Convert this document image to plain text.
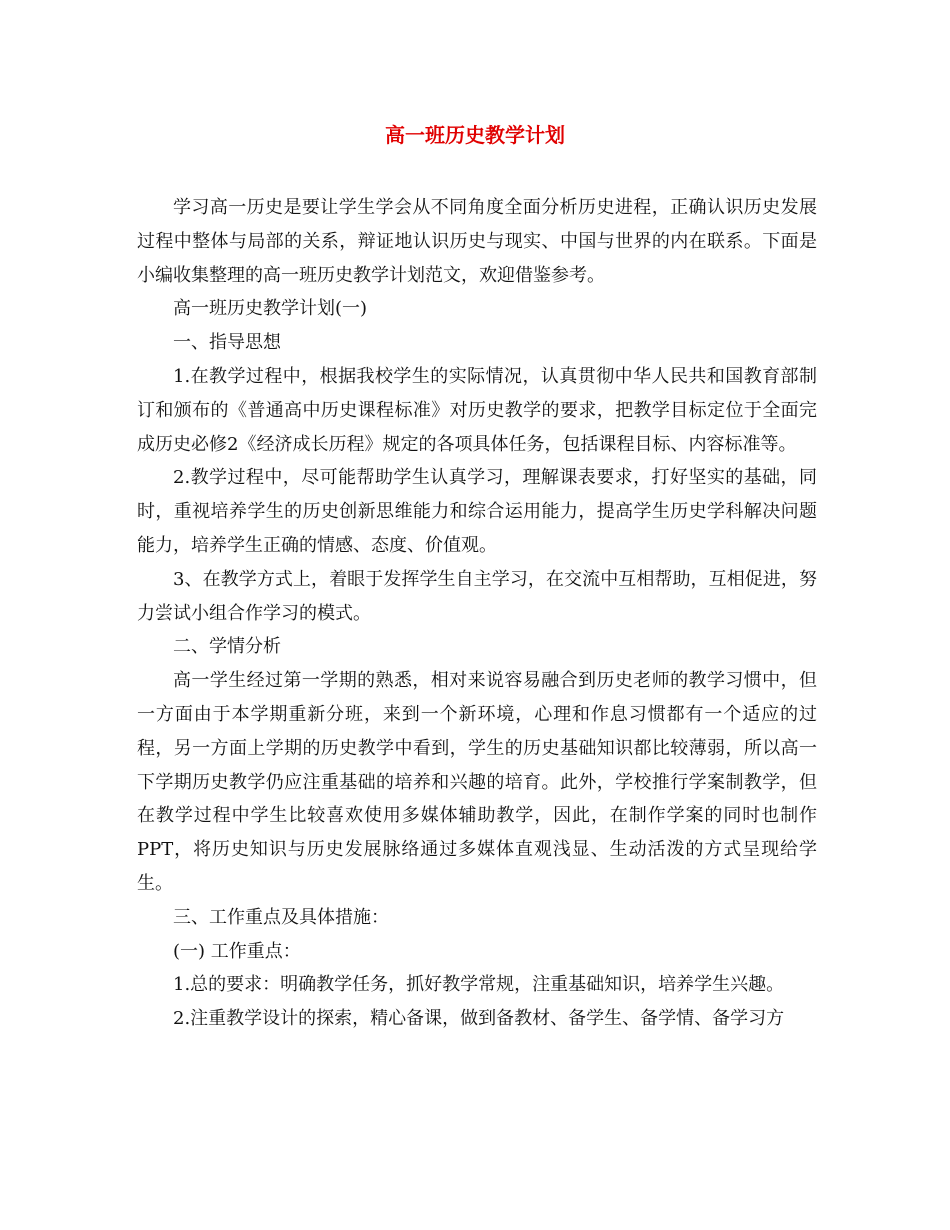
高一班历史教学计划

学习高一历史是要让学生学会从不同角度全面分析历史进程，正确认识历史发展过程中整体与局部的关系，辩证地认识历史与现实、中国与世界的内在联系。下面是小编收集整理的高一班历史教学计划范文，欢迎借鉴参考。

高一班历史教学计划(一)

一、指导思想

1.在教学过程中，根据我校学生的实际情况，认真贯彻中华人民共和国教育部制订和颁布的《普通高中历史课程标准》对历史教学的要求，把教学目标定位于全面完成历史必修2《经济成长历程》规定的各项具体任务，包括课程目标、内容标准等。

2.教学过程中，尽可能帮助学生认真学习，理解课表要求，打好坚实的基础，同时，重视培养学生的历史创新思维能力和综合运用能力，提高学生历史学科解决问题能力，培养学生正确的情感、态度、价值观。

3、在教学方式上，着眼于发挥学生自主学习，在交流中互相帮助，互相促进，努力尝试小组合作学习的模式。

二、学情分析

高一学生经过第一学期的熟悉，相对来说容易融合到历史老师的教学习惯中，但一方面由于本学期重新分班，来到一个新环境，心理和作息习惯都有一个适应的过程，另一方面上学期的历史教学中看到，学生的历史基础知识都比较薄弱，所以高一下学期历史教学仍应注重基础的培养和兴趣的培育。此外，学校推行学案制教学，但在教学过程中学生比较喜欢使用多媒体辅助教学，因此，在制作学案的同时也制作PPT，将历史知识与历史发展脉络通过多媒体直观浅显、生动活泼的方式呈现给学生。

三、工作重点及具体措施：

(一) 工作重点：

1.总的要求：明确教学任务，抓好教学常规，注重基础知识，培养学生兴趣。

2.注重教学设计的探索，精心备课，做到备教材、备学生、备学情、备学习方
